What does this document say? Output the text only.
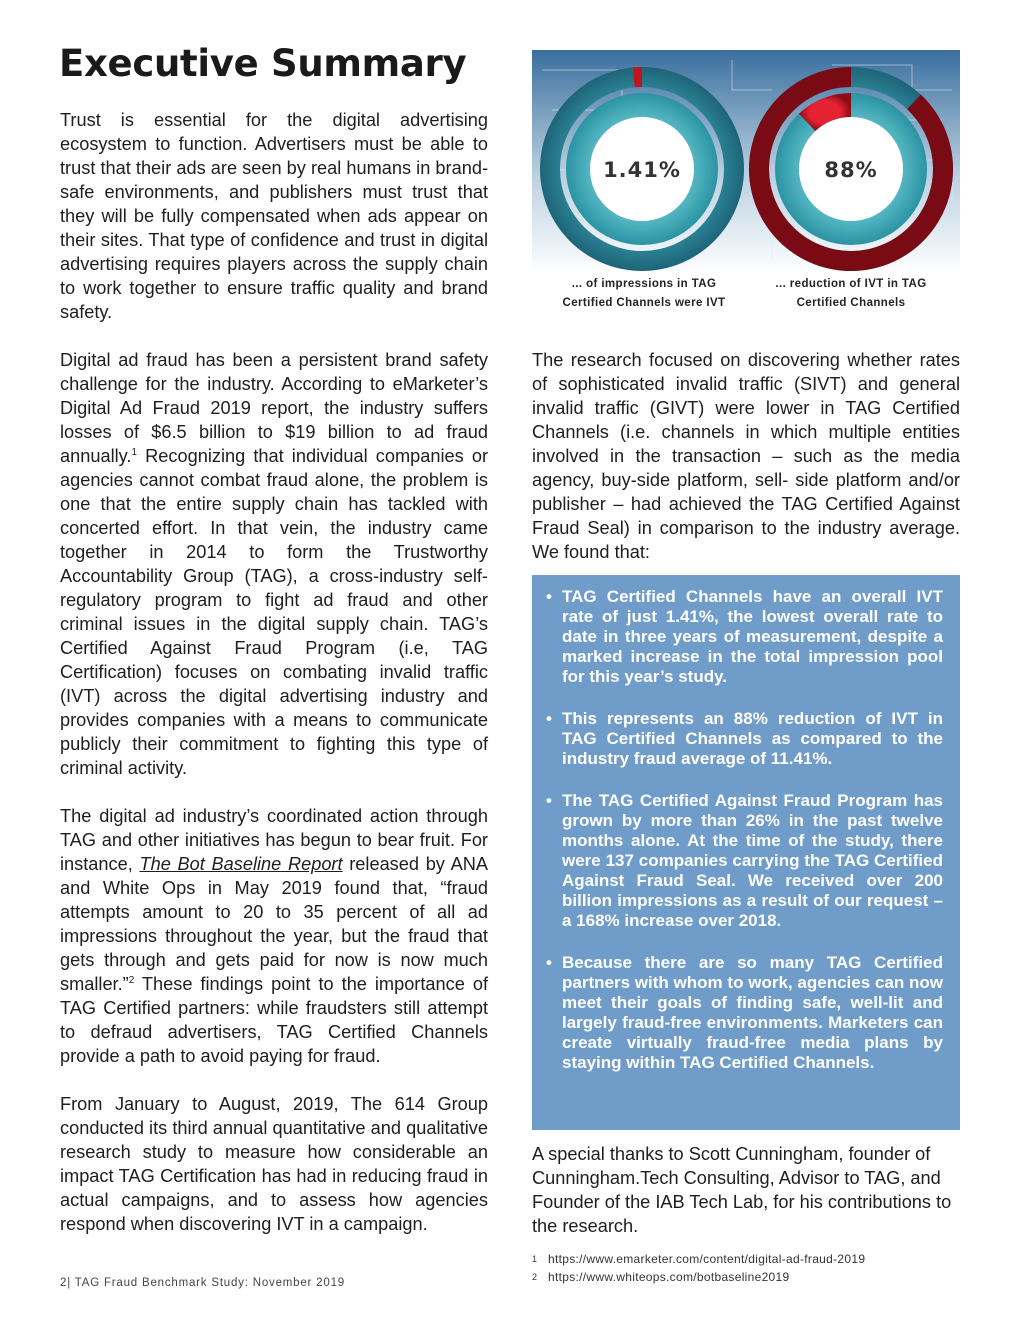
Executive Summary

Trust is essential for the digital advertising ecosystem to function. Advertisers must be able to trust that their ads are seen by real humans in brand-safe environments, and publishers must trust that they will be fully compensated when ads appear on their sites. That type of confidence and trust in digital advertising requires players across the supply chain to work together to ensure traffic quality and brand safety.

Digital ad fraud has been a persistent brand safety challenge for the industry. According to eMarketer’s Digital Ad Fraud 2019 report, the industry suffers losses of $6.5 billion to $19 billion to ad fraud annually.$^1$ Recognizing that individual companies or agencies cannot combat fraud alone, the problem is one that the entire supply chain has tackled with concerted effort. In that vein, the industry came together in 2014 to form the Trustworthy Accountability Group (TAG), a cross-industry self-regulatory program to fight ad fraud and other criminal issues in the digital supply chain. TAG’s Certified Against Fraud Program (i.e, TAG Certification) focuses on combating invalid traffic (IVT) across the digital advertising industry and provides companies with a means to communicate publicly their commitment to fighting this type of criminal activity.

The digital ad industry’s coordinated action through TAG and other initiatives has begun to bear fruit. For instance, The Bot Baseline Report released by ANA and White Ops in May 2019 found that, “fraud attempts amount to 20 to 35 percent of all ad impressions throughout the year, but the fraud that gets through and gets paid for now is now much smaller.”$^2$ These findings point to the importance of TAG Certified partners: while fraudsters still attempt to defraud advertisers, TAG Certified Channels provide a path to avoid paying for fraud.

From January to August, 2019, The 614 Group conducted its third annual quantitative and qualitative research study to measure how considerable an impact TAG Certification has had in reducing fraud in actual campaigns, and to assess how agencies respond when discovering IVT in a campaign.

1.41%	88%
... of impressions in TAG
Certified Channels were IVT
... reduction of IVT in TAG
Certified Channels

The research focused on discovering whether rates of sophisticated invalid traffic (SIVT) and general invalid traffic (GIVT) were lower in TAG Certified Channels (i.e. channels in which multiple entities involved in the transaction – such as the media agency, buy-side platform, sell- side platform and/or publisher – had achieved the TAG Certified Against Fraud Seal) in comparison to the industry average. We found that:

• TAG Certified Channels have an overall IVT rate of just 1.41%, the lowest overall rate to date in three years of measurement, despite a marked increase in the total impression pool for this year’s study.
• This represents an 88% reduction of IVT in TAG Certified Channels as compared to the industry fraud average of 11.41%.
• The TAG Certified Against Fraud Program has grown by more than 26% in the past twelve months alone. At the time of the study, there were 137 companies carrying the TAG Certified Against Fraud Seal. We received over 200 billion impressions as a result of our request – a 168% increase over 2018.
• Because there are so many TAG Certified partners with whom to work, agencies can now meet their goals of finding safe, well-lit and largely fraud-free environments. Marketers can create virtually fraud-free media plans by staying within TAG Certified Channels.

A special thanks to Scott Cunningham, founder of Cunningham.Tech Consulting, Advisor to TAG, and Founder of the IAB Tech Lab, for his contributions to the research.

1 https://www.emarketer.com/content/digital-ad-fraud-2019
2 https://www.whiteops.com/botbaseline2019
2| TAG Fraud Benchmark Study: November 2019
